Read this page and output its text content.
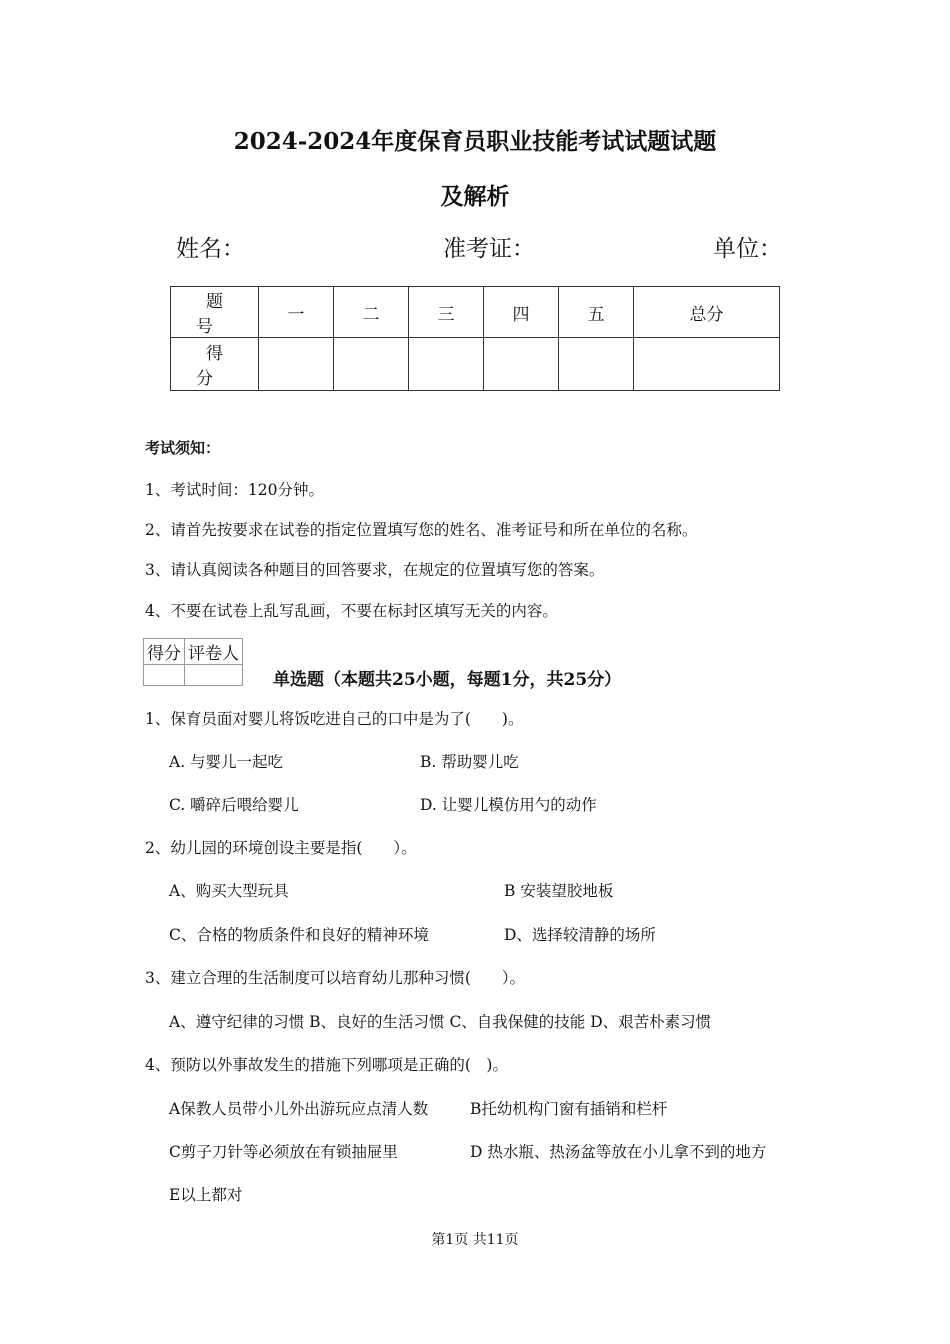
2024-2024年度保育员职业技能考试试题试题
及解析
姓名：	准考证：	单位：
题 号	一	二	三	四	五	总分
得 分						
考试须知：
1、考试时间：120分钟。
2、请首先按要求在试卷的指定位置填写您的姓名、准考证号和所在单位的名称。
3、请认真阅读各种题目的回答要求，在规定的位置填写您的答案。
4、不要在试卷上乱写乱画，不要在标封区填写无关的内容。
得分	评卷人

单选题（本题共25小题，每题1分，共25分）
1、保育员面对婴儿将饭吃进自己的口中是为了(　　)。
A. 与婴儿一起吃	B. 帮助婴儿吃
C. 嚼碎后喂给婴儿	D. 让婴儿模仿用勺的动作
2、幼儿园的环境创设主要是指(　　）。
A、购买大型玩具	B 安装望胶地板
C、合格的物质条件和良好的精神环境	D、选择较清静的场所
3、建立合理的生活制度可以培育幼儿那种习惯(　　）。
A、遵守纪律的习惯 B、良好的生活习惯 C、自我保健的技能 D、艰苦朴素习惯
4、预防以外事故发生的措施下列哪项是正确的(　)。
A保教人员带小儿外出游玩应点清人数	B托幼机构门窗有插销和栏杆
C剪子刀针等必须放在有锁抽屉里	D 热水瓶、热汤盆等放在小儿拿不到的地方
E以上都对
第1页 共11页
